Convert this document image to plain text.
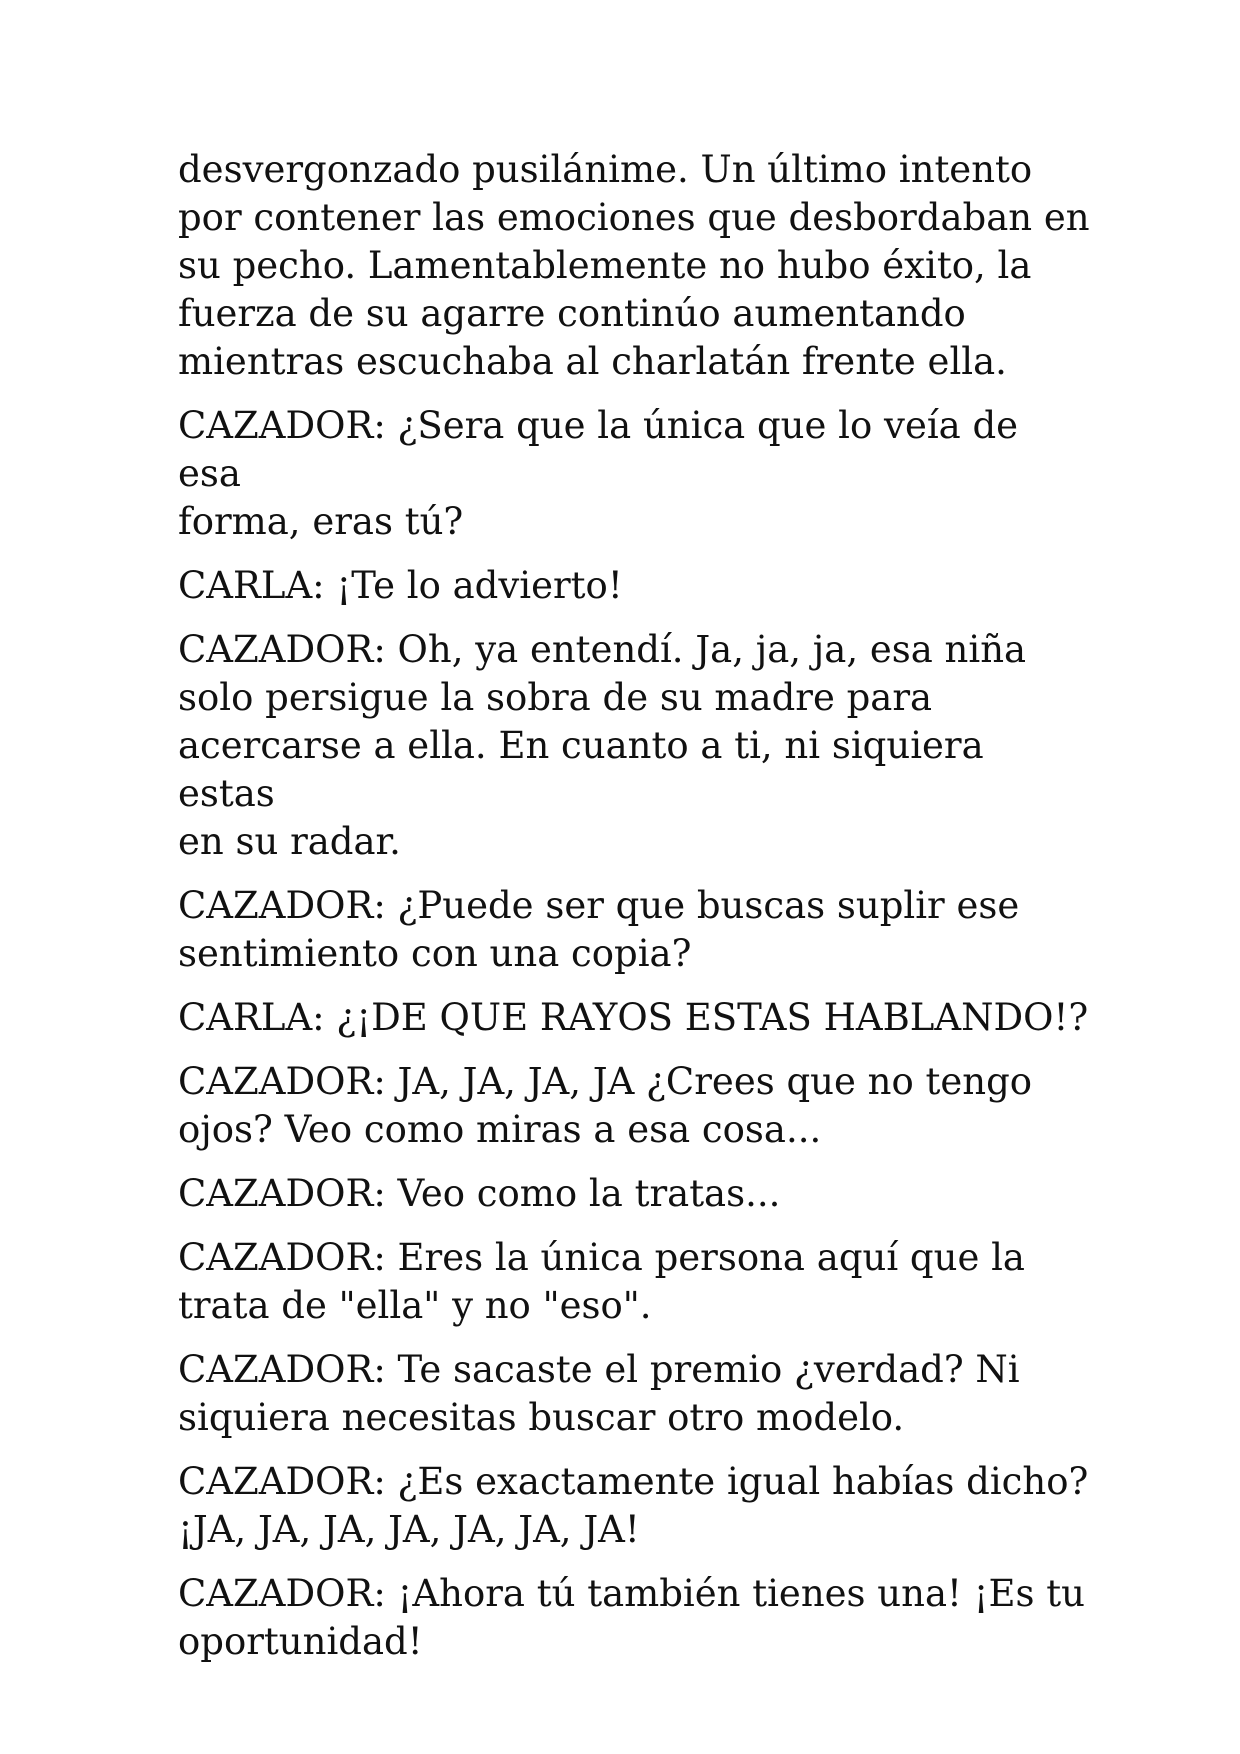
desvergonzado pusilánime. Un último intento
por contener las emociones que desbordaban en
su pecho. Lamentablemente no hubo éxito, la
fuerza de su agarre continúo aumentando
mientras escuchaba al charlatán frente ella.

CAZADOR: ¿Sera que la única que lo veía de esa
forma, eras tú?

CARLA: ¡Te lo advierto!

CAZADOR: Oh, ya entendí. Ja, ja, ja, esa niña
solo persigue la sobra de su madre para
acercarse a ella. En cuanto a ti, ni siquiera estas
en su radar.

CAZADOR: ¿Puede ser que buscas suplir ese
sentimiento con una copia?

CARLA: ¿¡DE QUE RAYOS ESTAS HABLANDO!?

CAZADOR: JA, JA, JA, JA ¿Crees que no tengo
ojos? Veo como miras a esa cosa...

CAZADOR: Veo como la tratas...

CAZADOR: Eres la única persona aquí que la
trata de "ella" y no "eso".

CAZADOR: Te sacaste el premio ¿verdad? Ni
siquiera necesitas buscar otro modelo.

CAZADOR: ¿Es exactamente igual habías dicho?
¡JA, JA, JA, JA, JA, JA, JA!

CAZADOR: ¡Ahora tú también tienes una! ¡Es tu
oportunidad!
